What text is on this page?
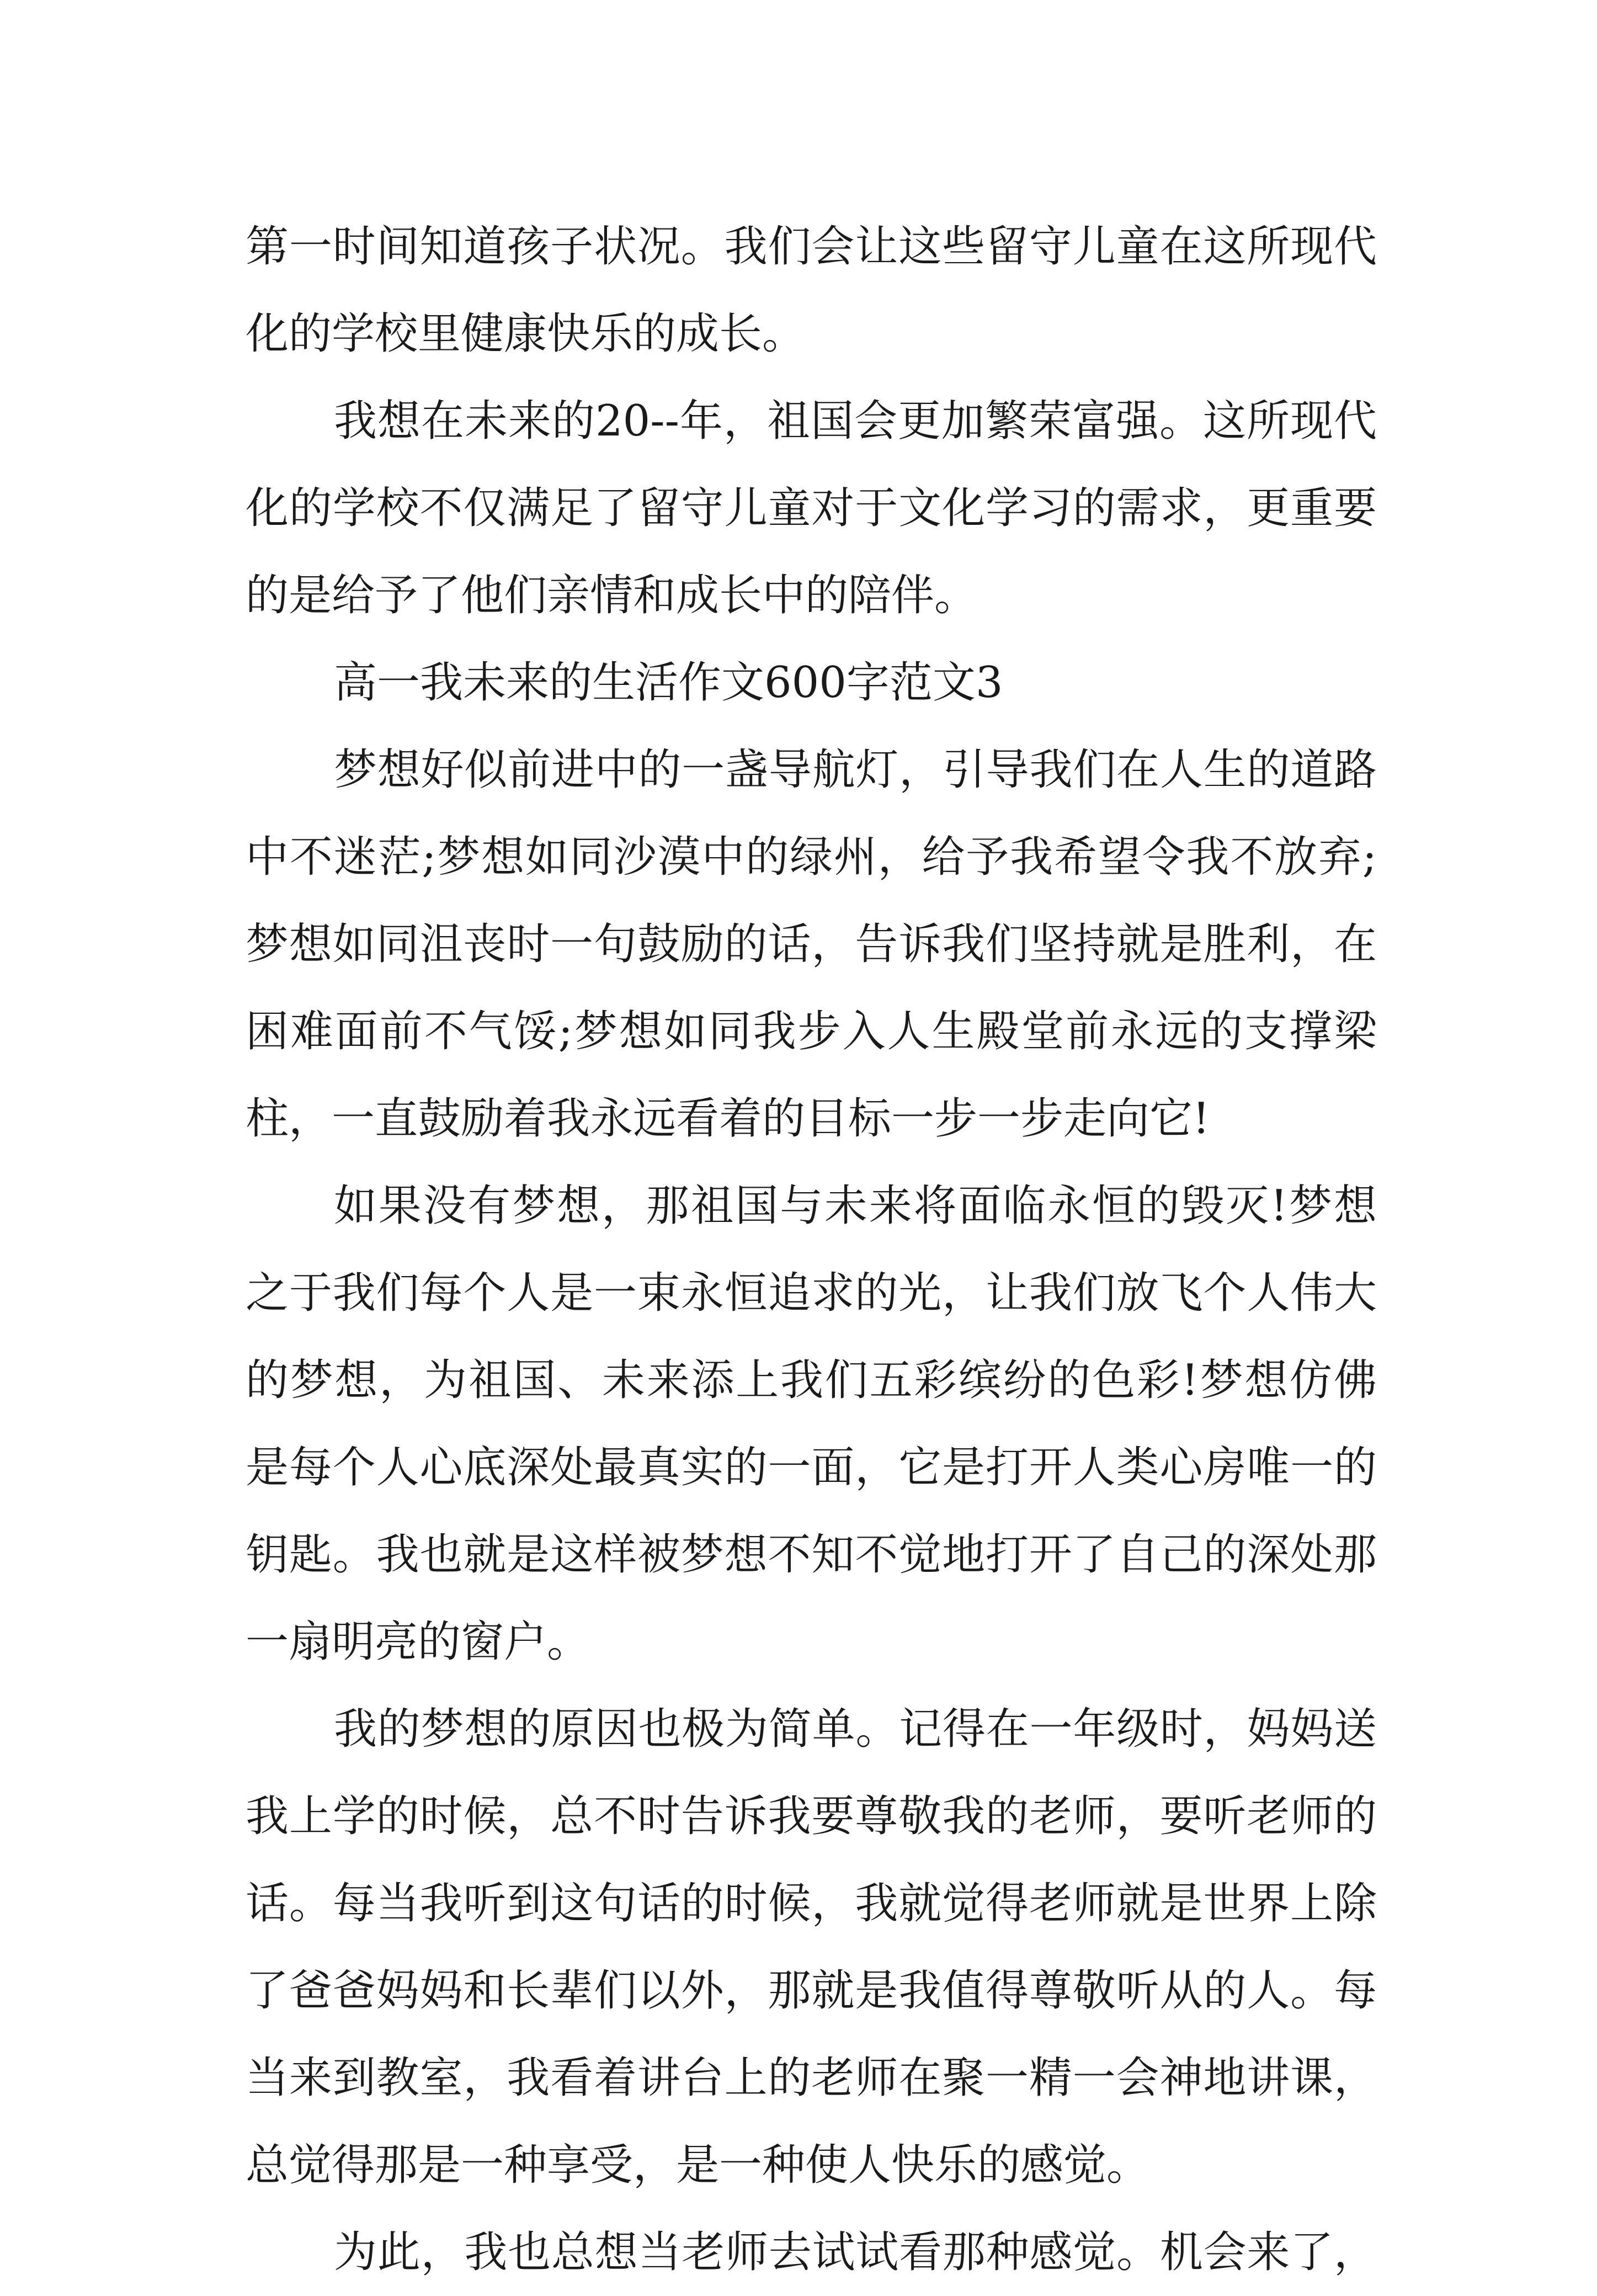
第一时间知道孩子状况。我们会让这些留守儿童在这所现代
化的学校里健康快乐的成长。
我想在未来的20--年，祖国会更加繁荣富强。这所现代
化的学校不仅满足了留守儿童对于文化学习的需求，更重要
的是给予了他们亲情和成长中的陪伴。
高一我未来的生活作文600字范文3
梦想好似前进中的一盏导航灯，引导我们在人生的道路
中不迷茫;梦想如同沙漠中的绿州，给予我希望令我不放弃;
梦想如同沮丧时一句鼓励的话，告诉我们坚持就是胜利，在
困难面前不气馁;梦想如同我步入人生殿堂前永远的支撑梁
柱，一直鼓励着我永远看着的目标一步一步走向它!
如果没有梦想，那祖国与未来将面临永恒的毁灭!梦想
之于我们每个人是一束永恒追求的光，让我们放飞个人伟大
的梦想，为祖国、未来添上我们五彩缤纷的色彩!梦想仿佛
是每个人心底深处最真实的一面，它是打开人类心房唯一的
钥匙。我也就是这样被梦想不知不觉地打开了自己的深处那
一扇明亮的窗户。
我的梦想的原因也极为简单。记得在一年级时，妈妈送
我上学的时候，总不时告诉我要尊敬我的老师，要听老师的
话。每当我听到这句话的时候，我就觉得老师就是世界上除
了爸爸妈妈和长辈们以外，那就是我值得尊敬听从的人。每
当来到教室，我看着讲台上的老师在聚一精一会神地讲课，
总觉得那是一种享受，是一种使人快乐的感觉。
为此，我也总想当老师去试试看那种感觉。机会来了，
